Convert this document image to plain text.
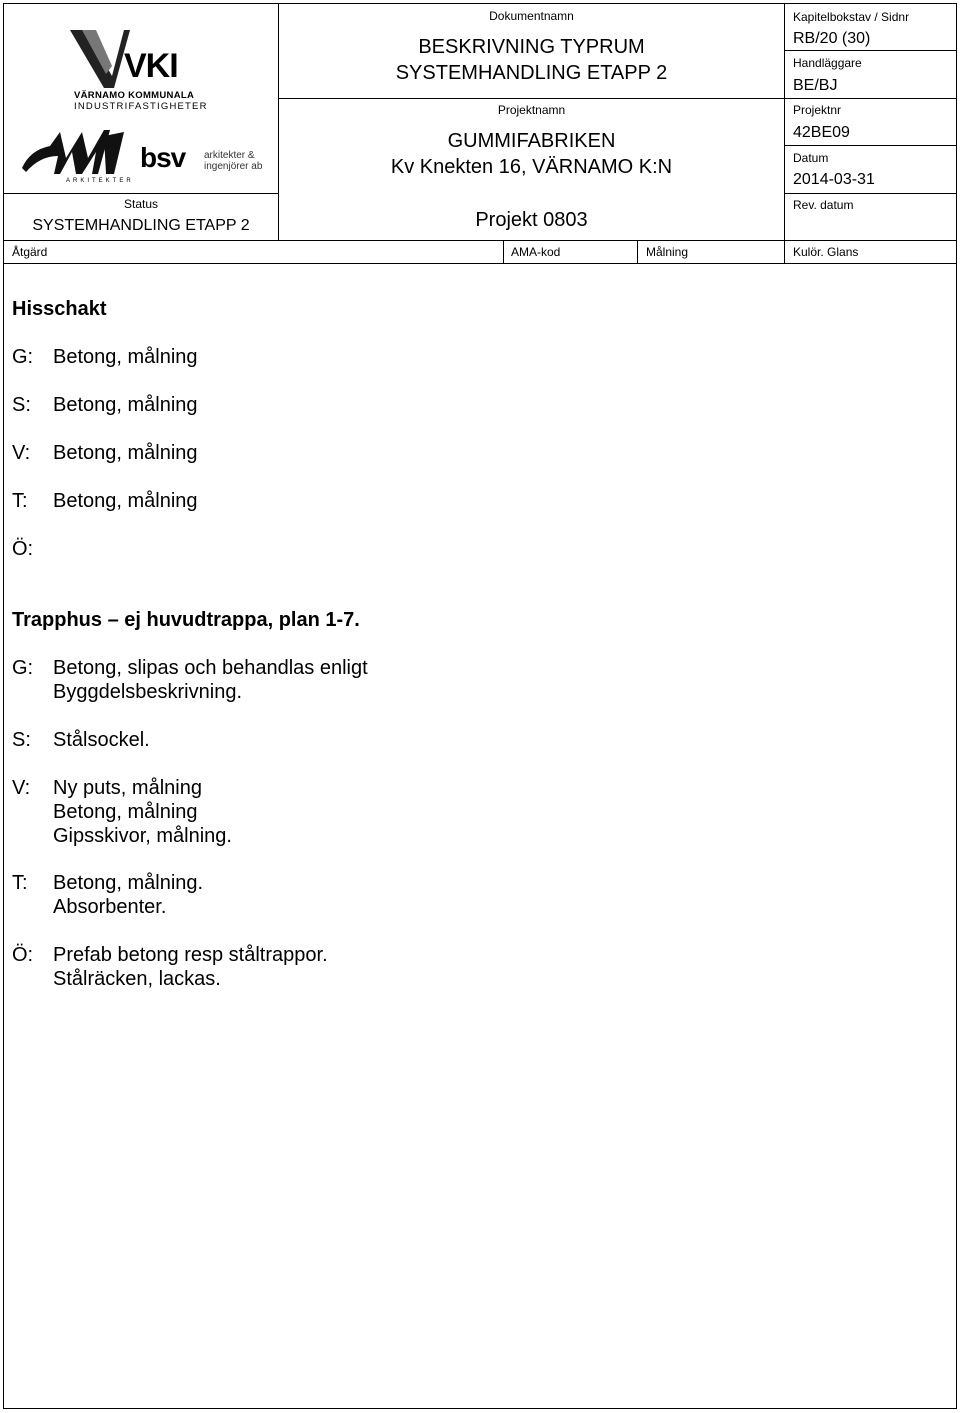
VKI
VÄRNAMO KOMMUNALA
INDUSTRIFASTIGHETER
ARKITEKTER
bsv arkitekter &
ingenjörer ab
Status
SYSTEMHANDLING ETAPP 2
Dokumentnamn
BESKRIVNING TYPRUM
SYSTEMHANDLING ETAPP 2
Projektnamn
GUMMIFABRIKEN
Kv Knekten 16, VÄRNAMO K:N
Projekt 0803
Kapitelbokstav / Sidnr
RB/20 (30)
Handläggare
BE/BJ
Projektnr
42BE09
Datum
2014-03-31
Rev. datum
Åtgärd	AMA-kod	Målning	Kulör. Glans
Hisschakt
G: Betong, målning
S: Betong, målning
V: Betong, målning
T: Betong, målning
Ö:
Trapphus – ej huvudtrappa, plan 1-7.
G: Betong, slipas och behandlas enligt
Byggdelsbeskrivning.
S: Stålsockel.
V: Ny puts, målning
Betong, målning
Gipsskivor, målning.
T: Betong, målning.
Absorbenter.
Ö: Prefab betong resp ståltrappor.
Stålräcken, lackas.
